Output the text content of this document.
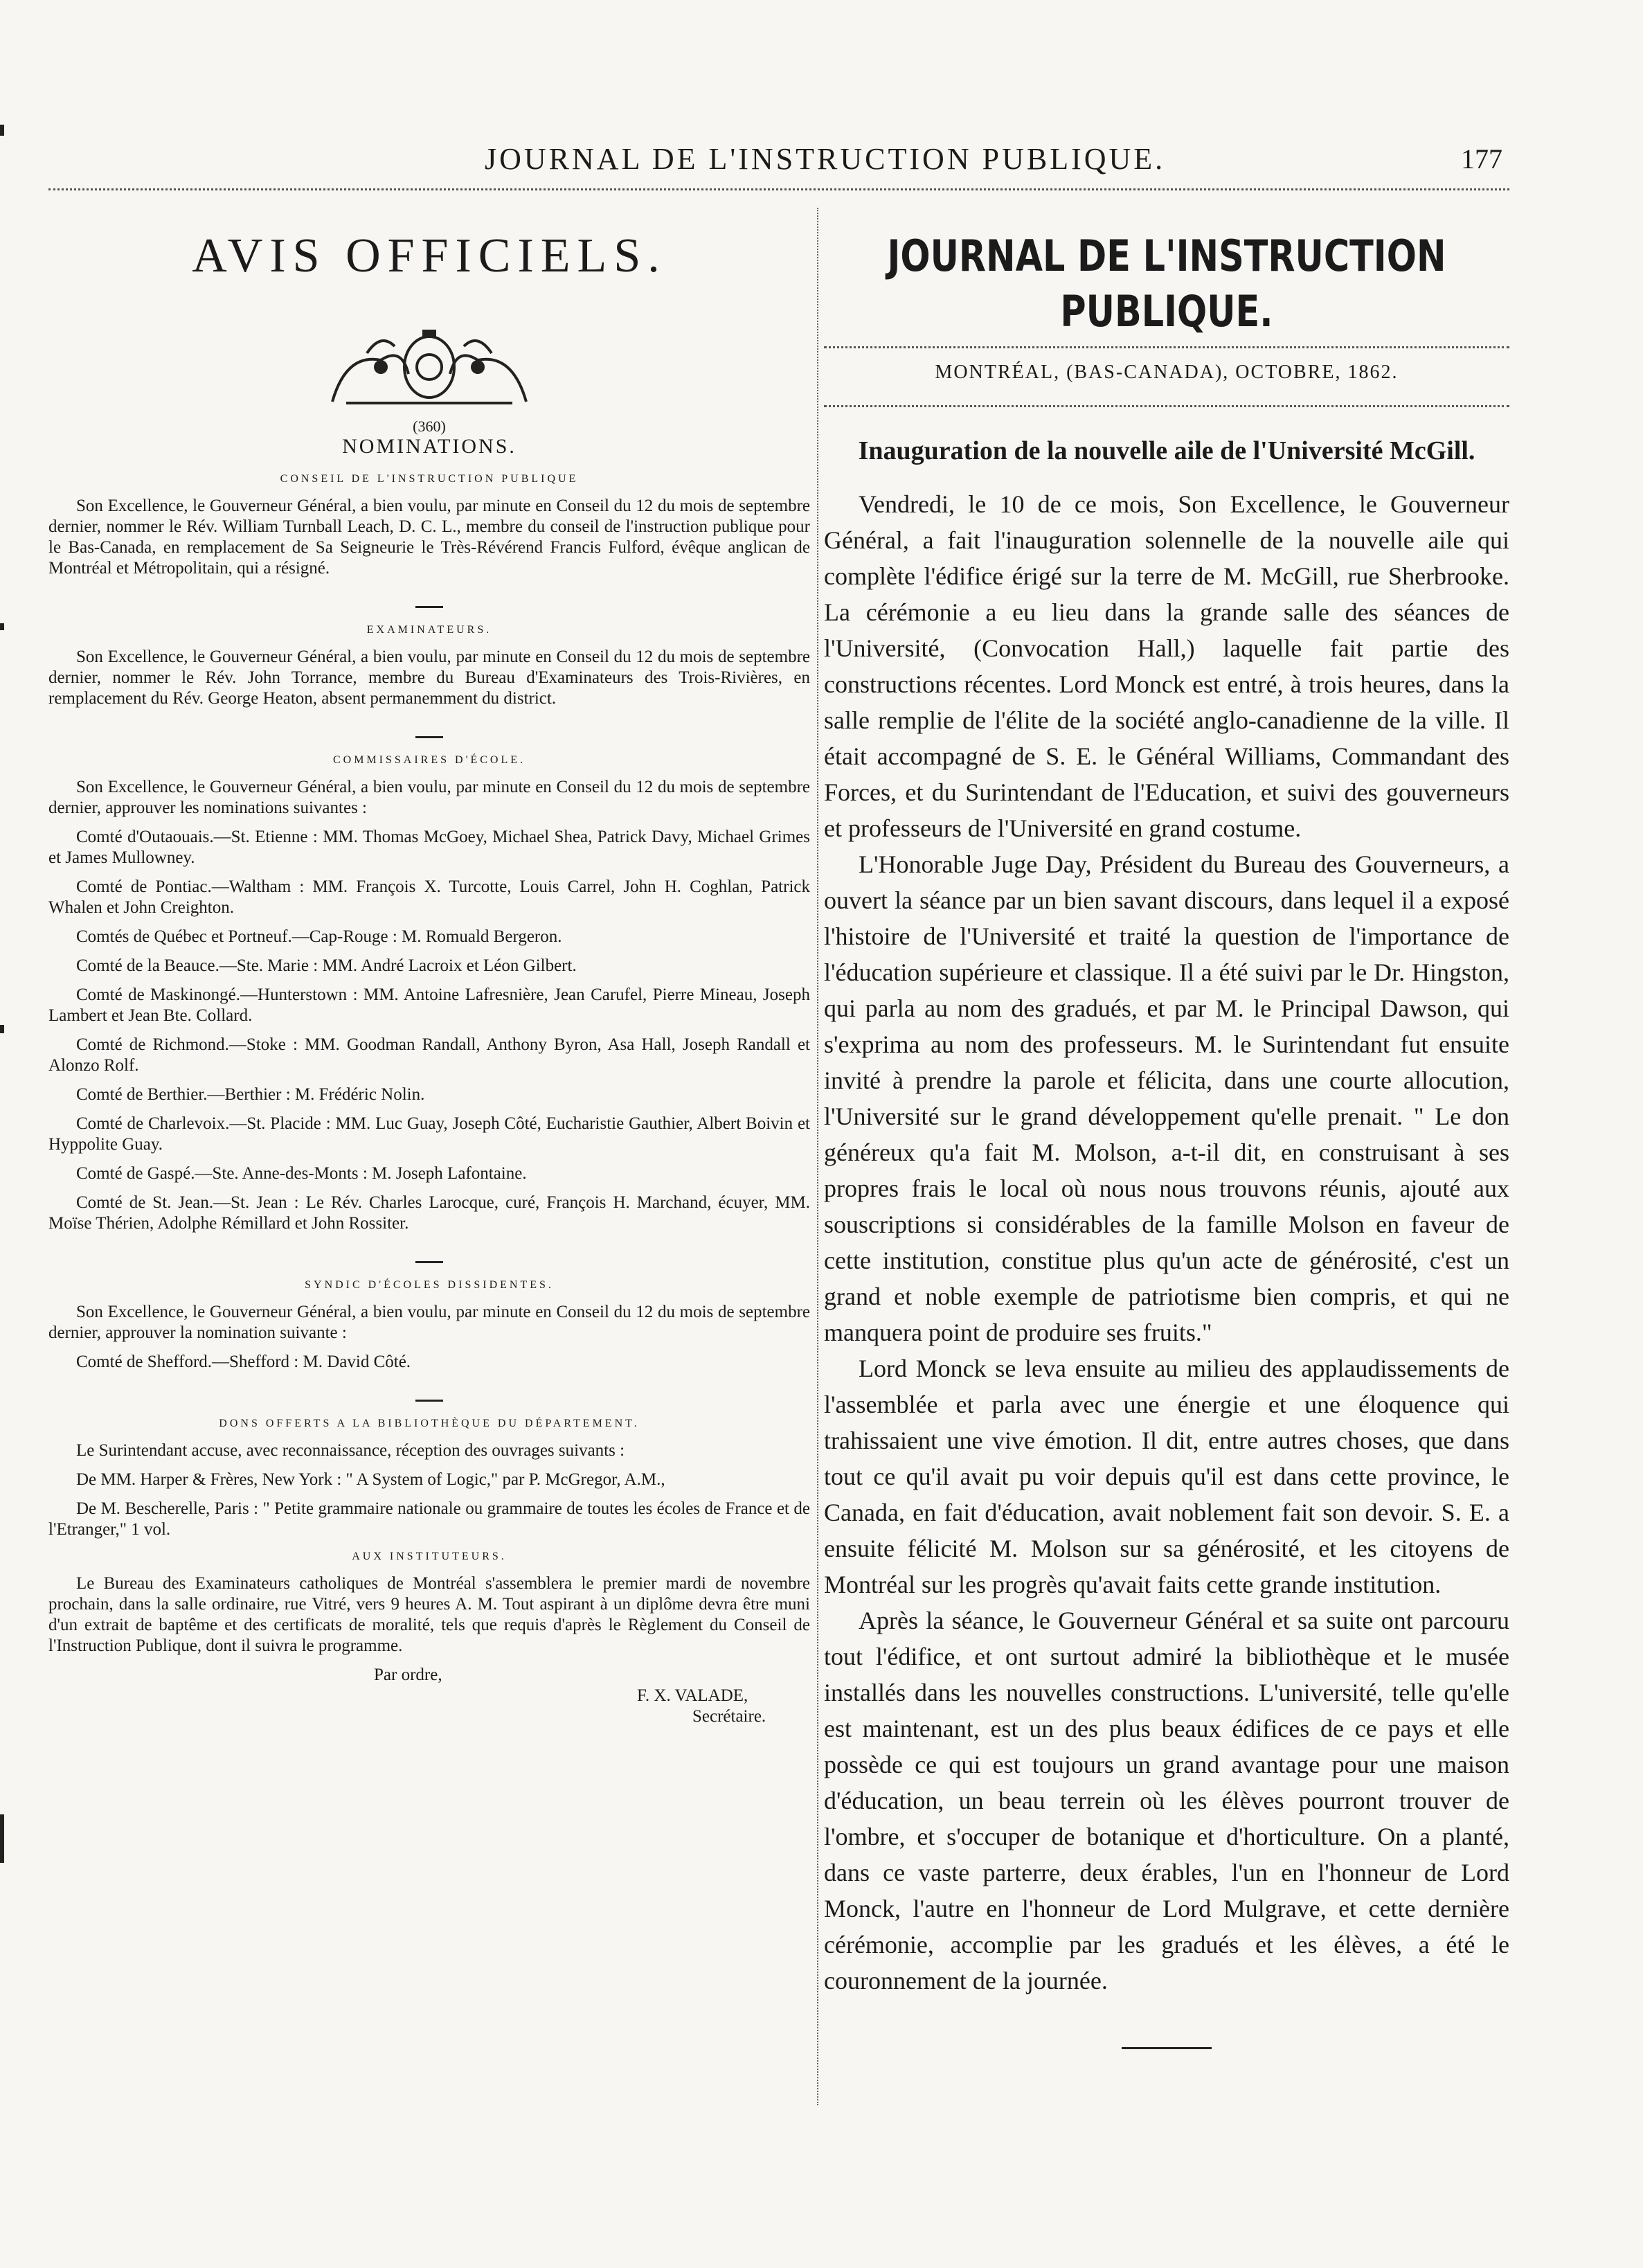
JOURNAL DE L'INSTRUCTION PUBLIQUE.	177
AVIS OFFICIELS.
(360)
NOMINATIONS.
CONSEIL DE L'INSTRUCTION PUBLIQUE

Son Excellence, le Gouverneur Général, a bien voulu, par minute en Conseil du 12 du mois de septembre dernier, nommer le Rév. William Turnball Leach, D. C. L., membre du conseil de l'instruction publique pour le Bas-Canada, en remplacement de Sa Seigneurie le Très-Révérend Francis Fulford, évêque anglican de Montréal et Métropolitain, qui a résigné.

EXAMINATEURS.

Son Excellence, le Gouverneur Général, a bien voulu, par minute en Conseil du 12 du mois de septembre dernier, nommer le Rév. John Torrance, membre du Bureau d'Examinateurs des Trois-Rivières, en remplacement du Rév. George Heaton, absent permanemment du district.

COMMISSAIRES D'ÉCOLE.

Son Excellence, le Gouverneur Général, a bien voulu, par minute en Conseil du 12 du mois de septembre dernier, approuver les nominations suivantes :

Comté d'Outaouais.—St. Etienne : MM. Thomas McGoey, Michael Shea, Patrick Davy, Michael Grimes et James Mullowney.

Comté de Pontiac.—Waltham : MM. François X. Turcotte, Louis Carrel, John H. Coghlan, Patrick Whalen et John Creighton.

Comtés de Québec et Portneuf.—Cap-Rouge : M. Romuald Bergeron.

Comté de la Beauce.—Ste. Marie : MM. André Lacroix et Léon Gilbert.

Comté de Maskinongé.—Hunterstown : MM. Antoine Lafresnière, Jean Carufel, Pierre Mineau, Joseph Lambert et Jean Bte. Collard.

Comté de Richmond.—Stoke : MM. Goodman Randall, Anthony Byron, Asa Hall, Joseph Randall et Alonzo Rolf.

Comté de Berthier.—Berthier : M. Frédéric Nolin.

Comté de Charlevoix.—St. Placide : MM. Luc Guay, Joseph Côté, Eucharistie Gauthier, Albert Boivin et Hyppolite Guay.

Comté de Gaspé.—Ste. Anne-des-Monts : M. Joseph Lafontaine.

Comté de St. Jean.—St. Jean : Le Rév. Charles Larocque, curé, François H. Marchand, écuyer, MM. Moïse Thérien, Adolphe Rémillard et John Rossiter.

SYNDIC D'ÉCOLES DISSIDENTES.

Son Excellence, le Gouverneur Général, a bien voulu, par minute en Conseil du 12 du mois de septembre dernier, approuver la nomination suivante :

Comté de Shefford.—Shefford : M. David Côté.

DONS OFFERTS A LA BIBLIOTHÈQUE DU DÉPARTEMENT.

Le Surintendant accuse, avec reconnaissance, réception des ouvrages suivants :

De MM. Harper & Frères, New York : " A System of Logic," par P. McGregor, A.M.,

De M. Bescherelle, Paris : " Petite grammaire nationale ou grammaire de toutes les écoles de France et de l'Etranger," 1 vol.

AUX INSTITUTEURS.

Le Bureau des Examinateurs catholiques de Montréal s'assemblera le premier mardi de novembre prochain, dans la salle ordinaire, rue Vitré, vers 9 heures A. M. Tout aspirant à un diplôme devra être muni d'un extrait de baptême et des certificats de moralité, tels que requis d'après le Règlement du Conseil de l'Instruction Publique, dont il suivra le programme.

Par ordre,

F. X. VALADE,

Secrétaire.

JOURNAL DE L'INSTRUCTION PUBLIQUE.
MONTRÉAL, (BAS-CANADA), OCTOBRE, 1862.
Inauguration de la nouvelle aile de l'Université McGill.

Vendredi, le 10 de ce mois, Son Excellence, le Gouverneur Général, a fait l'inauguration solennelle de la nouvelle aile qui complète l'édifice érigé sur la terre de M. McGill, rue Sherbrooke. La cérémonie a eu lieu dans la grande salle des séances de l'Université, (Convocation Hall,) laquelle fait partie des constructions récentes. Lord Monck est entré, à trois heures, dans la salle remplie de l'élite de la société anglo-canadienne de la ville. Il était accompagné de S. E. le Général Williams, Commandant des Forces, et du Surintendant de l'Education, et suivi des gouverneurs et professeurs de l'Université en grand costume.

L'Honorable Juge Day, Président du Bureau des Gouverneurs, a ouvert la séance par un bien savant discours, dans lequel il a exposé l'histoire de l'Université et traité la question de l'importance de l'éducation supérieure et classique. Il a été suivi par le Dr. Hingston, qui parla au nom des gradués, et par M. le Principal Dawson, qui s'exprima au nom des professeurs. M. le Surintendant fut ensuite invité à prendre la parole et félicita, dans une courte allocution, l'Université sur le grand développement qu'elle prenait. " Le don généreux qu'a fait M. Molson, a-t-il dit, en construisant à ses propres frais le local où nous nous trouvons réunis, ajouté aux souscriptions si considérables de la famille Molson en faveur de cette institution, constitue plus qu'un acte de générosité, c'est un grand et noble exemple de patriotisme bien compris, et qui ne manquera point de produire ses fruits."

Lord Monck se leva ensuite au milieu des applaudissements de l'assemblée et parla avec une énergie et une éloquence qui trahissaient une vive émotion. Il dit, entre autres choses, que dans tout ce qu'il avait pu voir depuis qu'il est dans cette province, le Canada, en fait d'éducation, avait noblement fait son devoir. S. E. a ensuite félicité M. Molson sur sa générosité, et les citoyens de Montréal sur les progrès qu'avait faits cette grande institution.

Après la séance, le Gouverneur Général et sa suite ont parcouru tout l'édifice, et ont surtout admiré la bibliothèque et le musée installés dans les nouvelles constructions. L'université, telle qu'elle est maintenant, est un des plus beaux édifices de ce pays et elle possède ce qui est toujours un grand avantage pour une maison d'éducation, un beau terrein où les élèves pourront trouver de l'ombre, et s'occuper de botanique et d'horticulture. On a planté, dans ce vaste parterre, deux érables, l'un en l'honneur de Lord Monck, l'autre en l'honneur de Lord Mulgrave, et cette dernière cérémonie, accomplie par les gradués et les élèves, a été le couronnement de la journée.
